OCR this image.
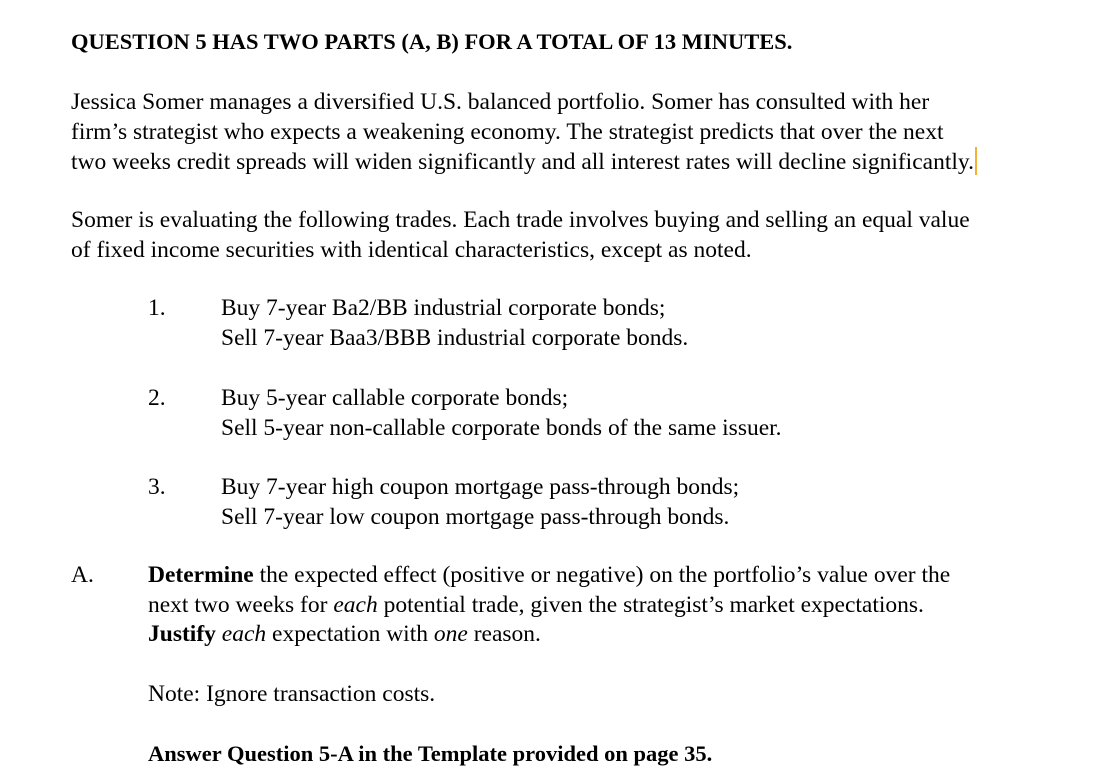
QUESTION 5 HAS TWO PARTS (A, B) FOR A TOTAL OF 13 MINUTES.
Jessica Somer manages a diversified U.S. balanced portfolio. Somer has consulted with her
firm’s strategist who expects a weakening economy. The strategist predicts that over the next
two weeks credit spreads will widen significantly and all interest rates will decline significantly.
Somer is evaluating the following trades. Each trade involves buying and selling an equal value
of fixed income securities with identical characteristics, except as noted.
1. Buy 7-year Ba2/BB industrial corporate bonds;
Sell 7-year Baa3/BBB industrial corporate bonds.
2. Buy 5-year callable corporate bonds;
Sell 5-year non-callable corporate bonds of the same issuer.
3. Buy 7-year high coupon mortgage pass-through bonds;
Sell 7-year low coupon mortgage pass-through bonds.
A. Determine the expected effect (positive or negative) on the portfolio’s value over the
next two weeks for each potential trade, given the strategist’s market expectations.
Justify each expectation with one reason.
Note: Ignore transaction costs.
Answer Question 5-A in the Template provided on page 35.
